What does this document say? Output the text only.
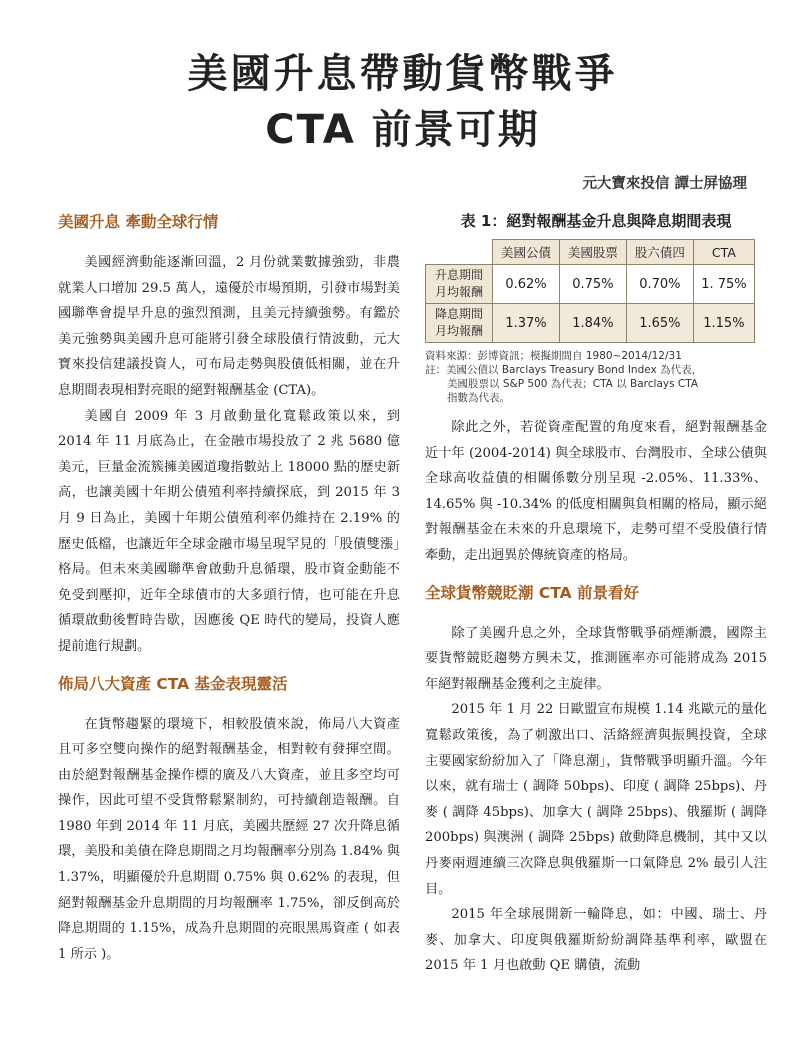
美國升息帶動貨幣戰爭
CTA 前景可期
元大寶來投信 譚士屏協理
美國升息 牽動全球行情

美國經濟動能逐漸回溫，2 月份就業數據強勁，非農就業人口增加 29.5 萬人，遠優於市場預期，引發市場對美國聯準會提早升息的強烈預測，且美元持續強勢。有鑑於美元強勢與美國升息可能將引發全球股債行情波動，元大寶來投信建議投資人，可布局走勢與股債低相關，並在升息期間表現相對亮眼的絕對報酬基金 (CTA)。

美國自 2009 年 3 月啟動量化寬鬆政策以來，到 2014 年 11 月底為止，在金融市場投放了 2 兆 5680 億美元，巨量金流簇擁美國道瓊指數站上 18000 點的歷史新高，也讓美國十年期公債殖利率持續探底，到 2015 年 3 月 9 日為止，美國十年期公債殖利率仍維持在 2.19% 的歷史低檔，也讓近年全球金融市場呈現罕見的「股債雙漲」格局。但未來美國聯準會啟動升息循環，股市資金動能不免受到壓抑，近年全球債市的大多頭行情，也可能在升息循環啟動後暫時告歇，因應後 QE 時代的變局，投資人應提前進行規劃。

佈局八大資產 CTA 基金表現靈活

在貨幣趨緊的環境下，相較股債來說，佈局八大資產且可多空雙向操作的絕對報酬基金，相對較有發揮空間。由於絕對報酬基金操作標的廣及八大資產，並且多空均可操作，因此可望不受貨幣鬆緊制約，可持續創造報酬。自 1980 年到 2014 年 11 月底，美國共歷經 27 次升降息循環，美股和美債在降息期間之月均報酬率分別為 1.84% 與 1.37%，明顯優於升息期間 0.75% 與 0.62% 的表現，但絕對報酬基金升息期間的月均報酬率 1.75%，卻反倒高於降息期間的 1.15%，成為升息期間的亮眼黑馬資產 ( 如表 1 所示 )。

表 1：絕對報酬基金升息與降息期間表現
	美國公債	美國股票	股六債四	CTA
升息期間
月均報酬	0.62%	0.75%	0.70%	1. 75%
降息期間
月均報酬	1.37%	1.84%	1.65%	1.15%
資料來源：彭博資訊；模擬期間自 1980~2014/12/31
註：美國公債以 Barclays Treasury Bond Index 為代表，
美國股票以 S&P 500 為代表；CTA 以 Barclays CTA
指數為代表。

除此之外，若從資產配置的角度來看，絕對報酬基金近十年 (2004-2014) 與全球股市、台灣股市、全球公債與全球高收益債的相關係數分別呈現 -2.05%、11.33%、14.65% 與 -10.34% 的低度相關與負相關的格局，顯示絕對報酬基金在未來的升息環境下，走勢可望不受股債行情牽動，走出迥異於傳統資產的格局。

全球貨幣競貶潮 CTA 前景看好

除了美國升息之外，全球貨幣戰爭硝煙漸濃，國際主要貨幣競貶趨勢方興未艾，推測匯率亦可能將成為 2015 年絕對報酬基金獲利之主旋律。

2015 年 1 月 22 日歐盟宣布規模 1.14 兆歐元的量化寬鬆政策後，為了刺激出口、活絡經濟與振興投資，全球主要國家紛紛加入了「降息潮」，貨幣戰爭明顯升溫。今年以來，就有瑞士 ( 調降 50bps)、印度 ( 調降 25bps)、丹麥 ( 調降 45bps)、加拿大 ( 調降 25bps)、俄羅斯 ( 調降 200bps) 與澳洲 ( 調降 25bps) 啟動降息機制，其中又以丹麥兩週連續三次降息與俄羅斯一口氣降息 2% 最引人注目。

2015 年全球展開新一輪降息，如：中國、瑞士、丹麥、加拿大、印度與俄羅斯紛紛調降基準利率，歐盟在 2015 年 1 月也啟動 QE 購債，流動
